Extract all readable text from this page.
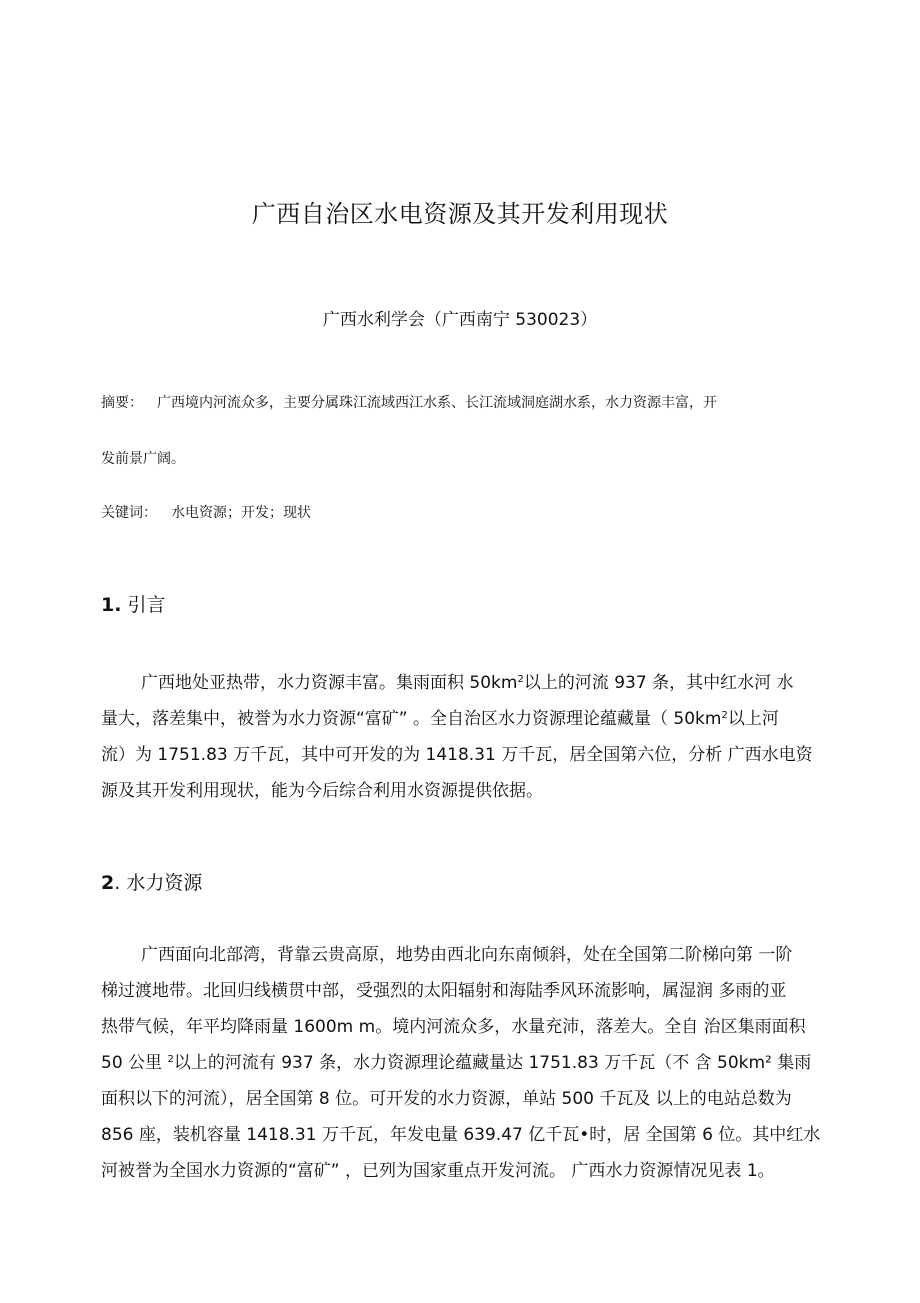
广西自治区水电资源及其开发利用现状
广西水利学会（广西南宁 530023）
摘要： 广西境内河流众多，主要分属珠江流域西江水系、长江流域洞庭湖水系，水力资源丰富，开
发前景广阔。
关键词： 水电资源；开发；现状
1. 引言
广西地处亚热带，水力资源丰富。集雨面积 $50km^2$以上的河流 937 条，其中红水河 水
量大，落差集中，被誉为水力资源“富矿” 。全自治区水力资源理论蕴藏量（ $50km^2$以上河
流）为 1751.83 万千瓦，其中可开发的为 1418.31 万千瓦，居全国第六位，分析 广西水电资
源及其开发利用现状，能为今后综合利用水资源提供依据。
2. 水力资源
广西面向北部湾，背靠云贵高原，地势由西北向东南倾斜，处在全国第二阶梯向第 一阶
梯过渡地带。北回归线横贯中部，受强烈的太阳辐射和海陆季风环流影响，属湿润 多雨的亚
热带气候，年平均降雨量 1600m m。境内河流众多，水量充沛，落差大。全自 治区集雨面积
50 公里 $^2$以上的河流有 937 条，水力资源理论蕴藏量达 1751.83 万千瓦（不 含 50km² 集雨
面积以下的河流），居全国第 8 位。可开发的水力资源，单站 500 千瓦及 以上的电站总数为
856 座，装机容量 1418.31 万千瓦，年发电量 639.47 亿千瓦•时，居 全国第 6 位。其中红水
河被誉为全国水力资源的“富矿” ，已列为国家重点开发河流。 广西水力资源情况见表 1。
